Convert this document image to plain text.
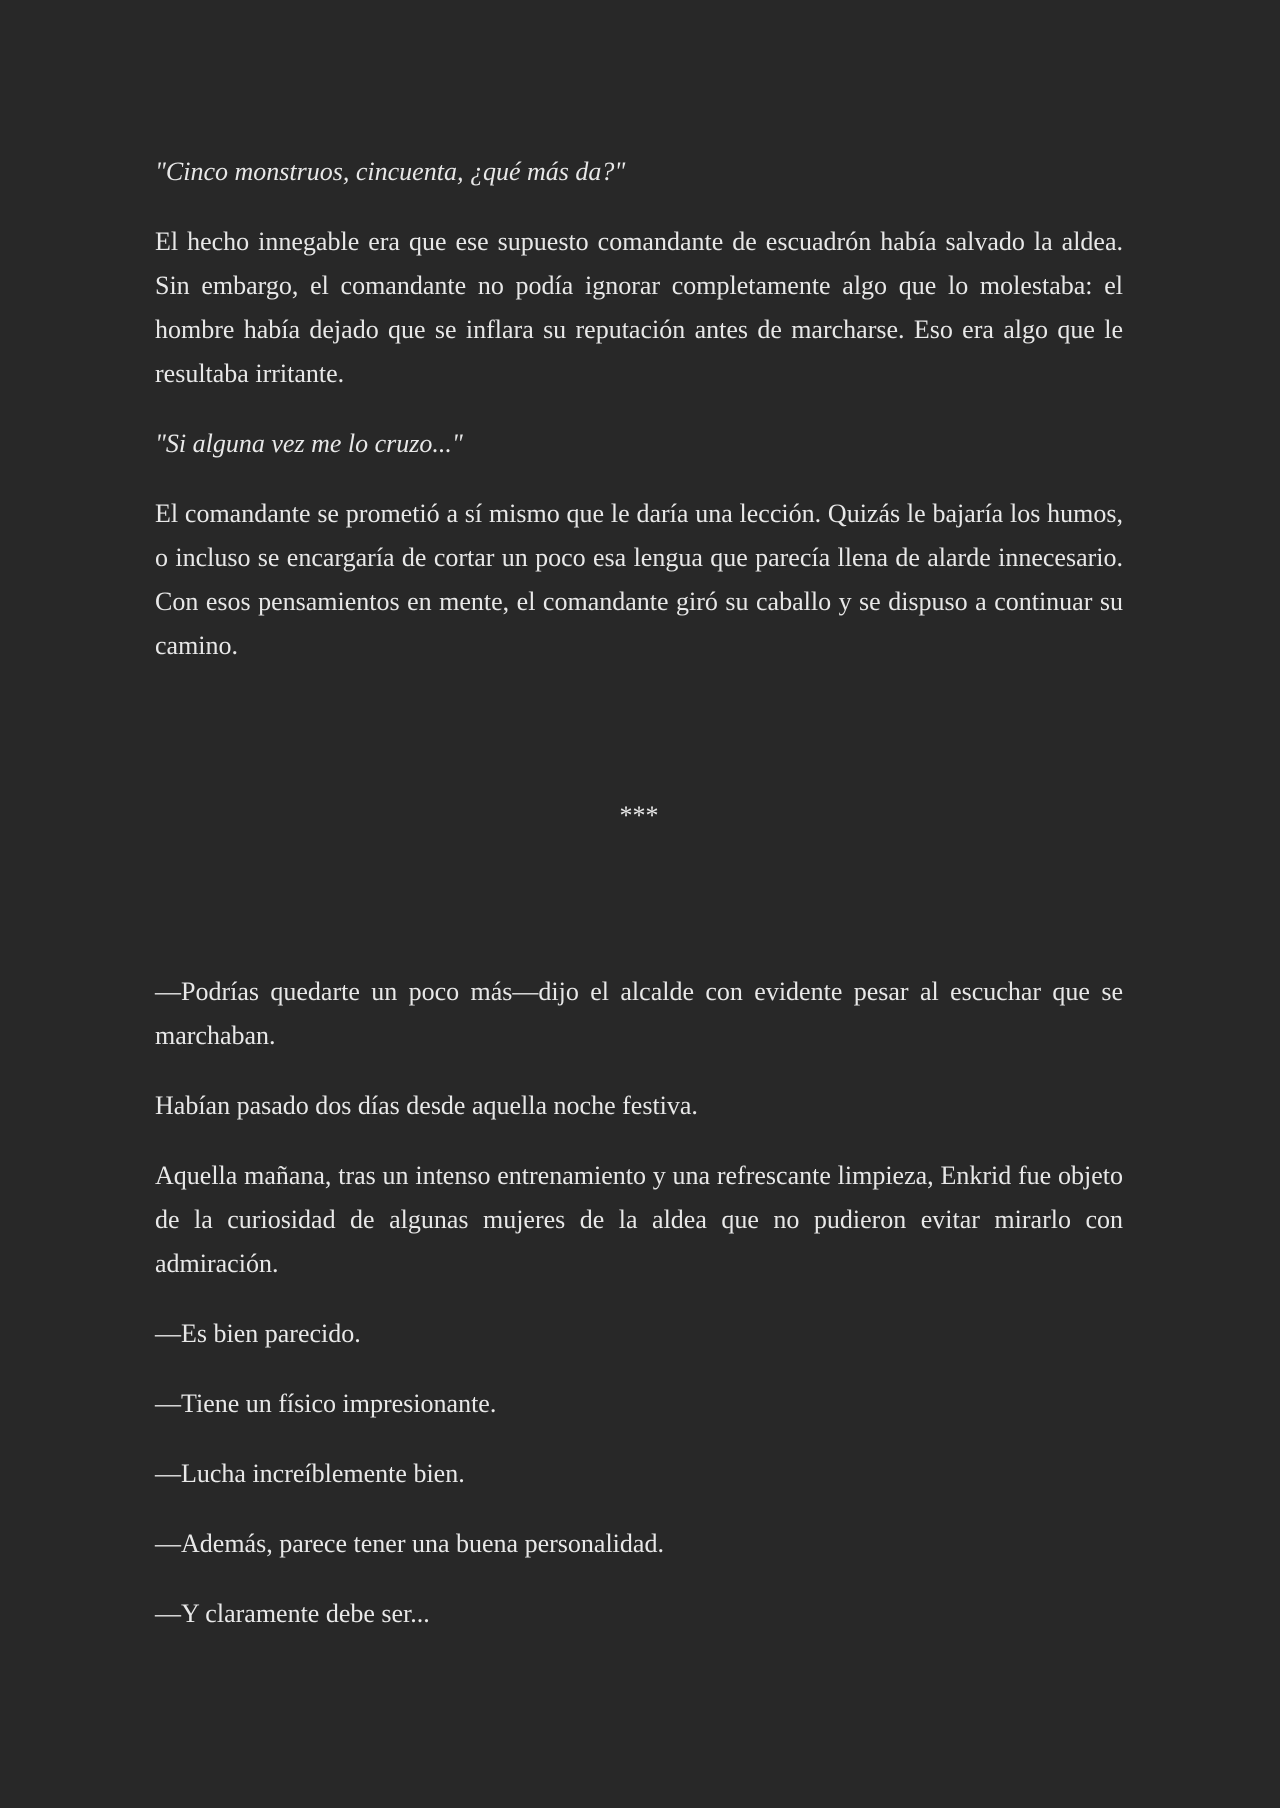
"Cinco monstruos, cincuenta, ¿qué más da?"

El hecho innegable era que ese supuesto comandante de escuadrón había salvado la aldea. Sin embargo, el comandante no podía ignorar completamente algo que lo molestaba: el hombre había dejado que se inflara su reputación antes de marcharse. Eso era algo que le resultaba irritante.

"Si alguna vez me lo cruzo..."

El comandante se prometió a sí mismo que le daría una lección. Quizás le bajaría los humos, o incluso se encargaría de cortar un poco esa lengua que parecía llena de alarde innecesario. Con esos pensamientos en mente, el comandante giró su caballo y se dispuso a continuar su camino.

***

—Podrías quedarte un poco más—dijo el alcalde con evidente pesar al escuchar que se marchaban.

Habían pasado dos días desde aquella noche festiva.

Aquella mañana, tras un intenso entrenamiento y una refrescante limpieza, Enkrid fue objeto de la curiosidad de algunas mujeres de la aldea que no pudieron evitar mirarlo con admiración.

—Es bien parecido.

—Tiene un físico impresionante.

—Lucha increíblemente bien.

—Además, parece tener una buena personalidad.

—Y claramente debe ser...
